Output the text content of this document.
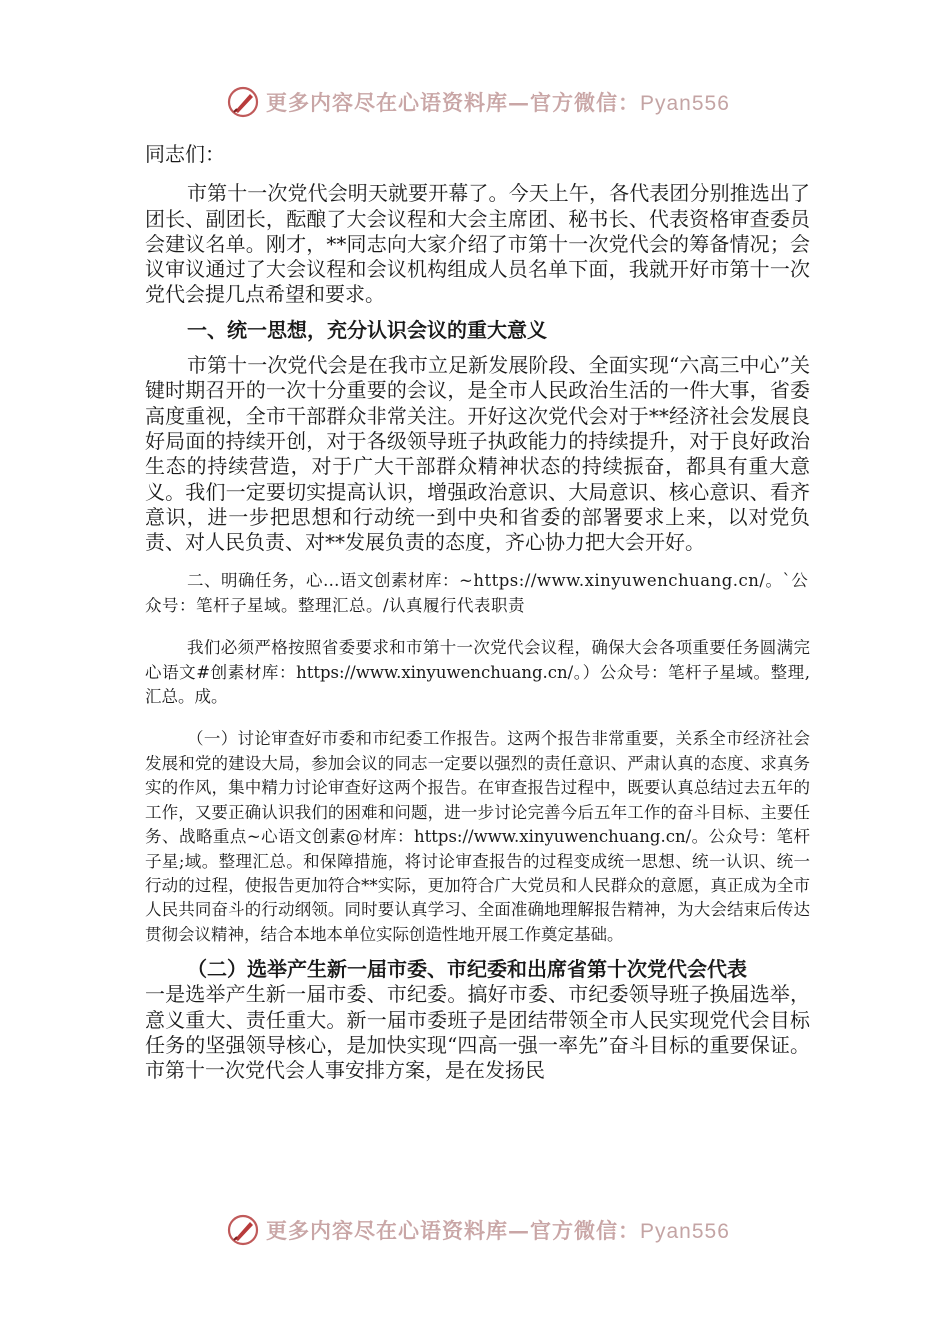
更多内容尽在心语资料库—官方微信：Pyan556

同志们：

市第十一次党代会明天就要开幕了。今天上午，各代表团分别推选出了团长、副团长，酝酿了大会议程和大会主席团、秘书长、代表资格审查委员会建议名单。刚才，**同志向大家介绍了市第十一次党代会的筹备情况；会议审议通过了大会议程和会议机构组成人员名单下面，我就开好市第十一次党代会提几点希望和要求。

一、统一思想，充分认识会议的重大意义

市第十一次党代会是在我市立足新发展阶段、全面实现“六高三中心”关键时期召开的一次十分重要的会议，是全市人民政治生活的一件大事，省委高度重视，全市干部群众非常关注。开好这次党代会对于**经济社会发展良好局面的持续开创，对于各级领导班子执政能力的持续提升，对于良好政治生态的持续营造，对于广大干部群众精神状态的持续振奋，都具有重大意义。我们一定要切实提高认识，增强政治意识、大局意识、核心意识、看齐意识，进一步把思想和行动统一到中央和省委的部署要求上来，以对党负责、对人民负责、对**发展负责的态度，齐心协力把大会开好。

二、明确任务，心…语文创素材库：~https://www.xinyuwenchuang.cn/。`公众号：笔杆子星域。整理汇总。/认真履行代表职责

我们必须严格按照省委要求和市第十一次党代会议程，确保大会各项重要任务圆满完心语文#创素材库：https://www.xinyuwenchuang.cn/。）公众号：笔杆子星域。整理,汇总。成。

（一）讨论审查好市委和市纪委工作报告。这两个报告非常重要，关系全市经济社会发展和党的建设大局，参加会议的同志一定要以强烈的责任意识、严肃认真的态度、求真务实的作风，集中精力讨论审查好这两个报告。在审查报告过程中，既要认真总结过去五年的工作，又要正确认识我们的困难和问题，进一步讨论完善今后五年工作的奋斗目标、主要任务、战略重点~心语文创素@材库：https://www.xinyuwenchuang.cn/。公众号：笔杆子星;域。整理汇总。和保障措施，将讨论审查报告的过程变成统一思想、统一认识、统一行动的过程，使报告更加符合**实际，更加符合广大党员和人民群众的意愿，真正成为全市人民共同奋斗的行动纲领。同时要认真学习、全面准确地理解报告精神，为大会结束后传达贯彻会议精神，结合本地本单位实际创造性地开展工作奠定基础。

（二）选举产生新一届市委、市纪委和出席省第十次党代会代表

一是选举产生新一届市委、市纪委。搞好市委、市纪委领导班子换届选举，意义重大、责任重大。新一届市委班子是团结带领全市人民实现党代会目标任务的坚强领导核心，是加快实现“四高一强一率先”奋斗目标的重要保证。市第十一次党代会人事安排方案，是在发扬民

更多内容尽在心语资料库—官方微信：Pyan556
